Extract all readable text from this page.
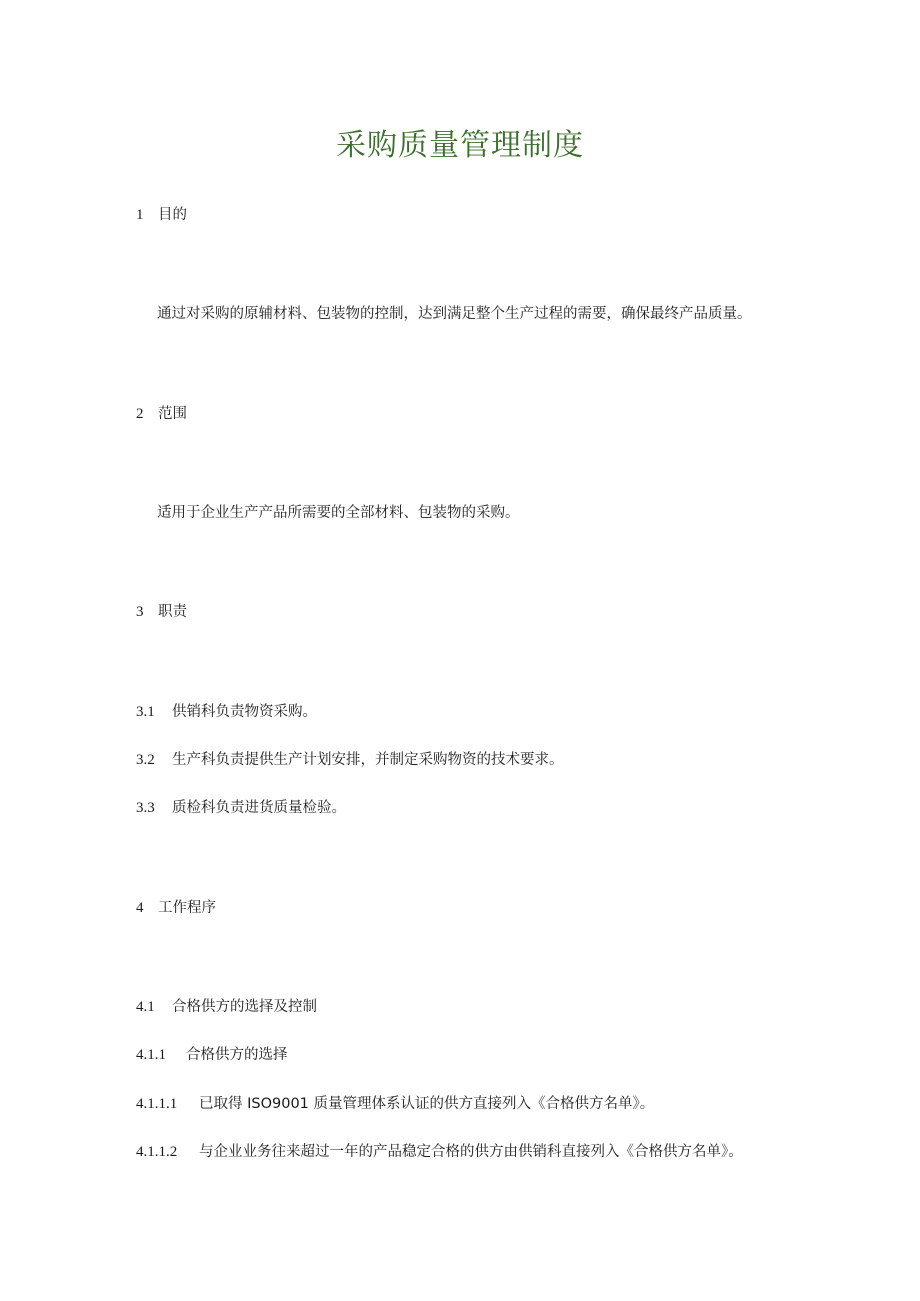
采购质量管理制度
1 目的
通过对采购的原辅材料、包装物的控制，达到满足整个生产过程的需要，确保最终产品质量。
2 范围
适用于企业生产产品所需要的全部材料、包装物的采购。
3 职责
3.1 供销科负责物资采购。
3.2 生产科负责提供生产计划安排，并制定采购物资的技术要求。
3.3 质检科负责进货质量检验。
4 工作程序
4.1 合格供方的选择及控制
4.1.1 合格供方的选择
4.1.1.1 已取得 ISO9001 质量管理体系认证的供方直接列入《合格供方名单》。
4.1.1.2 与企业业务往来超过一年的产品稳定合格的供方由供销科直接列入《合格供方名单》。
